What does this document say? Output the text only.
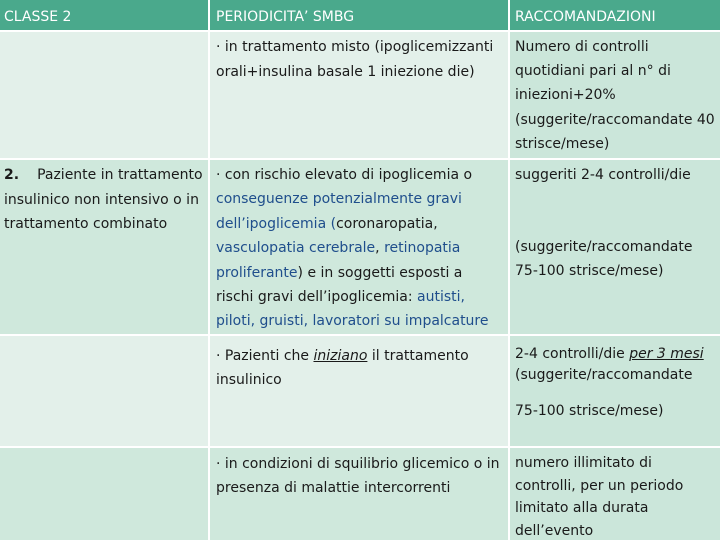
CLASSE 2	PERIODICITA’ SMBG	RACCOMANDAZIONI
· in trattamento misto (ipoglicemizzanti orali+insulina basale 1 iniezione die)
Numero di controlli quotidiani pari al n° di iniezioni+20% (suggerite/raccomandate 40 strisce/mese)
2. Paziente in trattamento insulinico non intensivo o in trattamento combinato
· con rischio elevato di ipoglicemia o conseguenze potenzialmente gravi dell’ipoglicemia (coronaropatia, vasculopatia cerebrale, retinopatia proliferante) e in soggetti esposti a rischi gravi dell’ipoglicemia: autisti, piloti, gruisti, lavoratori su impalcature
suggeriti 2-4 controlli/die
(suggerite/raccomandate 75-100 strisce/mese)
· Pazienti che iniziano il trattamento insulinico
2-4 controlli/die per 3 mesi
(suggerite/raccomandate
75-100 strisce/mese)
· in condizioni di squilibrio glicemico o in presenza di malattie intercorrenti
numero illimitato di controlli, per un periodo limitato alla durata dell’evento
